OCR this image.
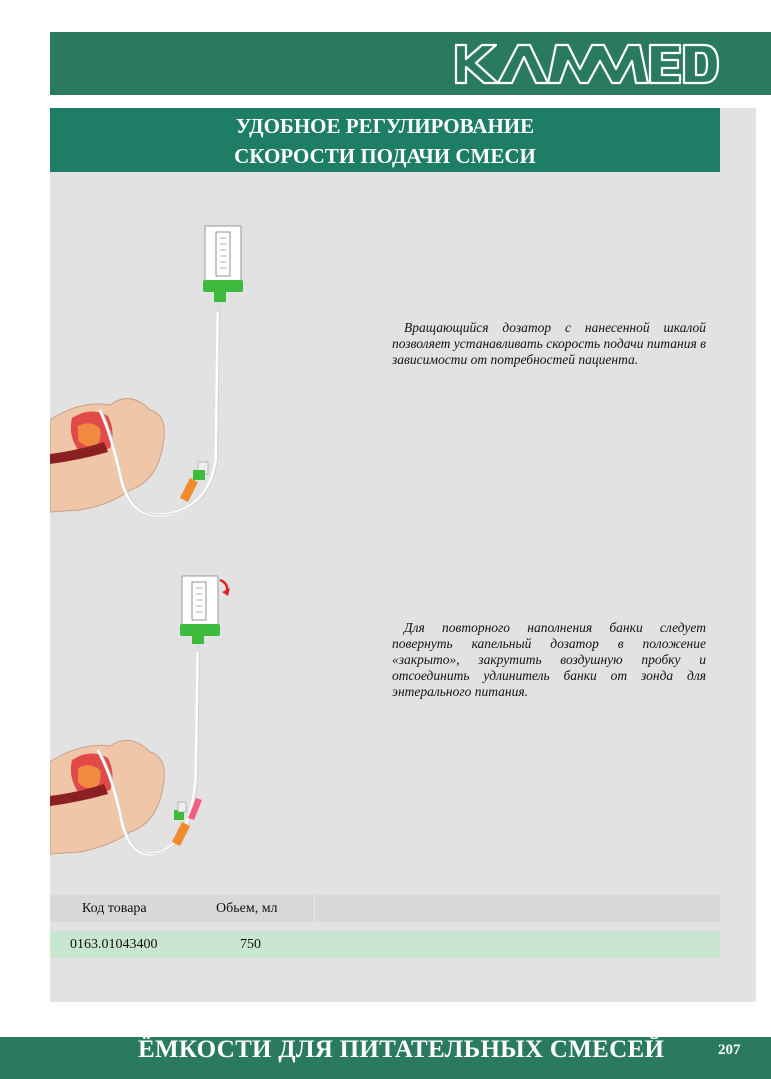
УДОБНОЕ РЕГУЛИРОВАНИЕ
СКОРОСТИ ПОДАЧИ СМЕСИ
Вращающийся дозатор с нанесенной шкалой позволяет устанавливать скорость подачи питания в зависимости от потребностей пациента.
Для повторного наполнения банки следует повернуть капельный дозатор в положение «закрыто», закрутить воздушную пробку и отсоединить удлинитель банки от зонда для энтерального питания.
Код товара	Обьем, мл
0163.01043400	750
ЁМКОСТИ ДЛЯ ПИТАТЕЛЬНЫХ СМЕСЕЙ	207
